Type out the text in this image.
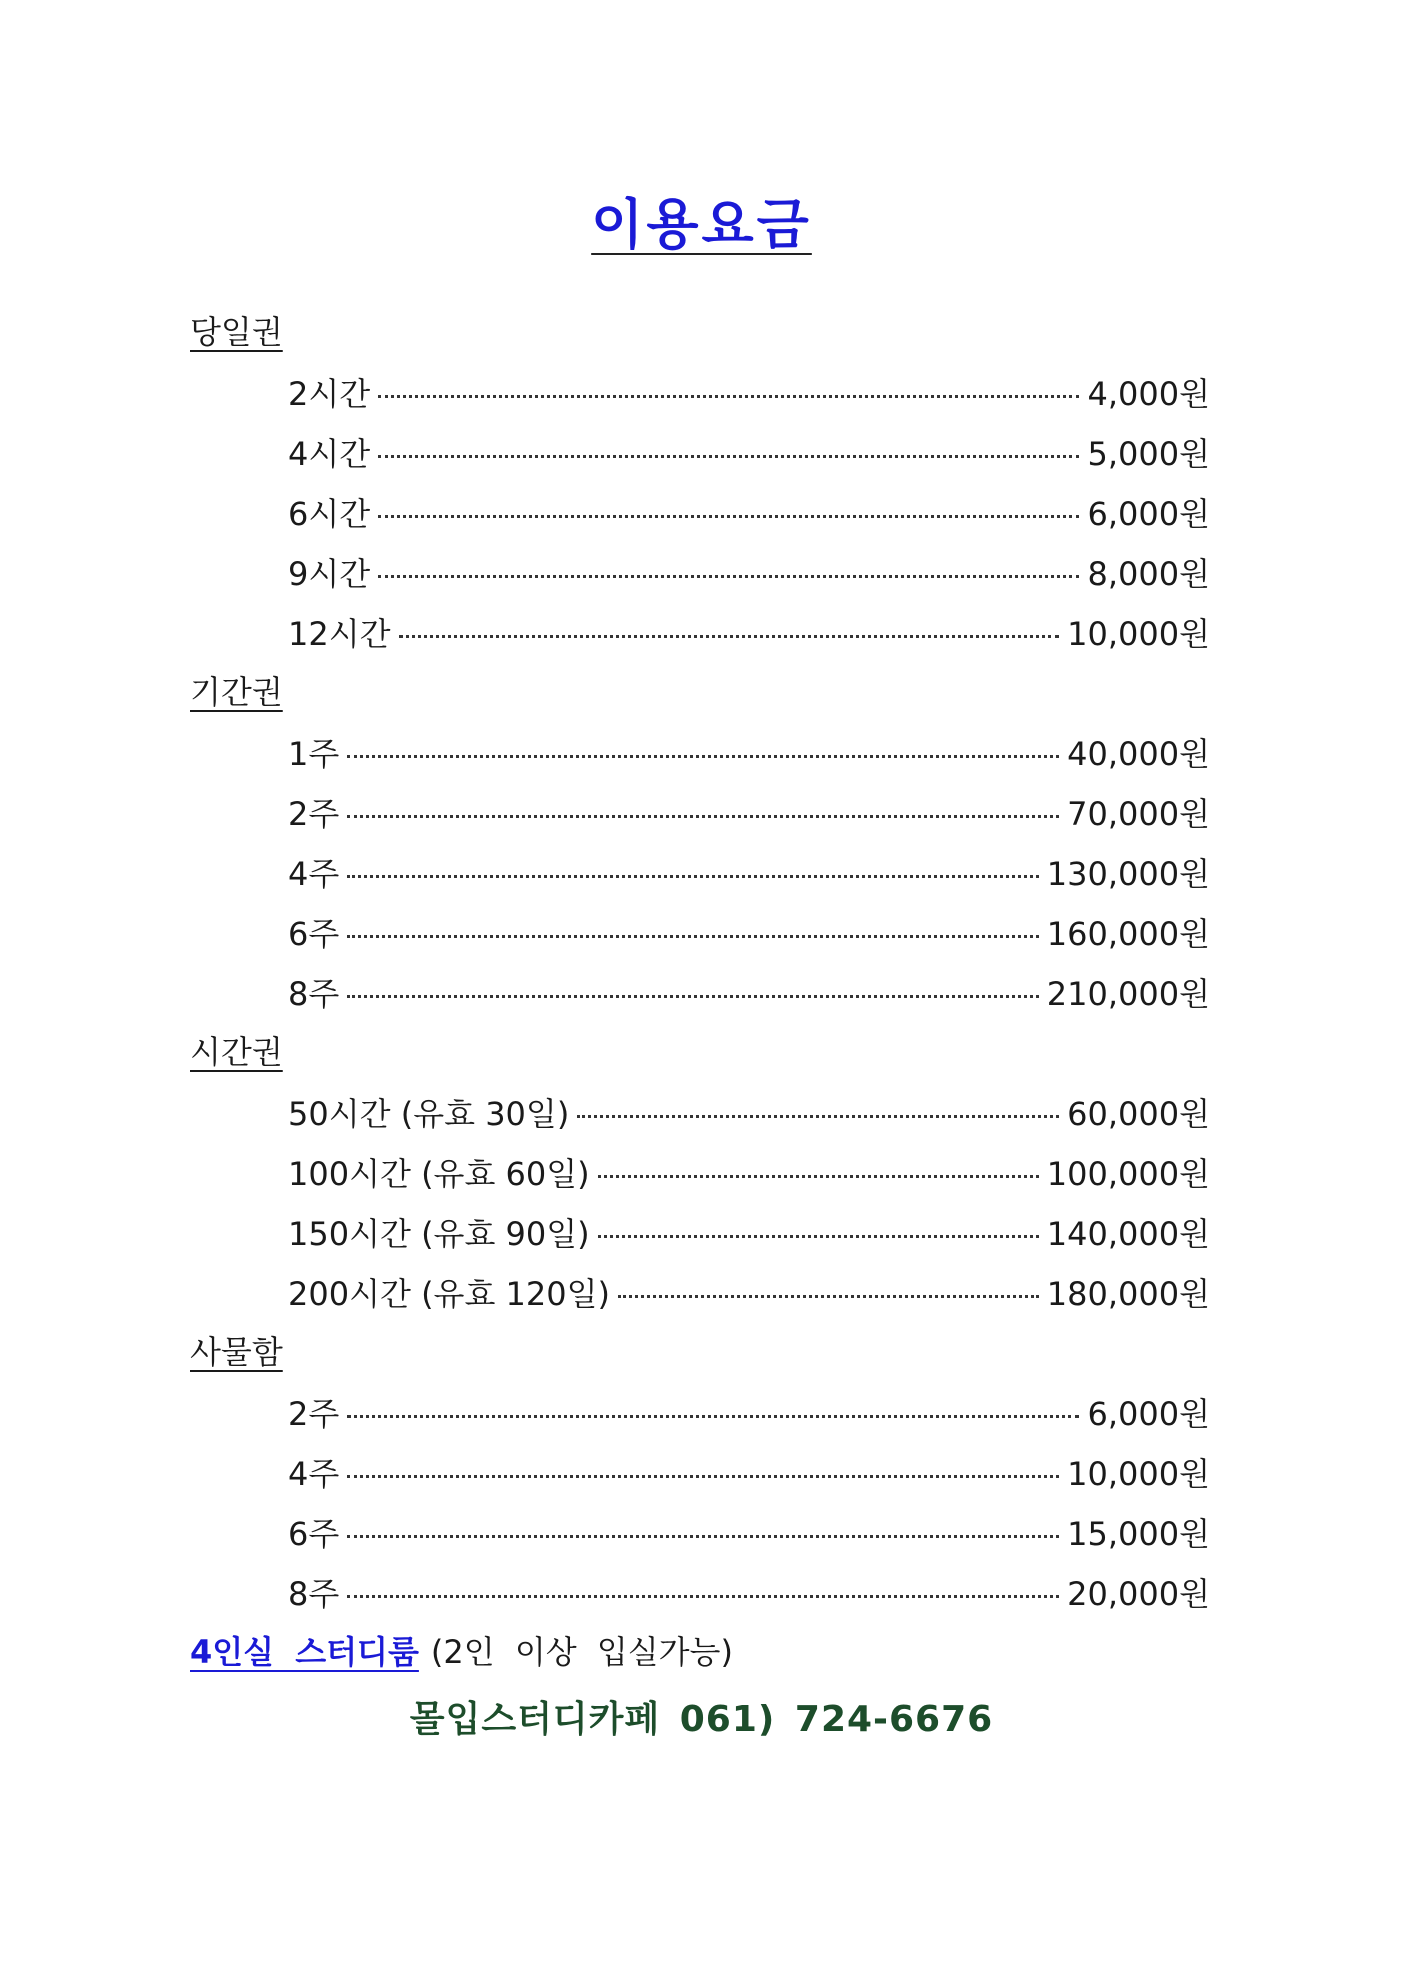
이용요금
당일권
2시간	4,000원
4시간	5,000원
6시간	6,000원
9시간	8,000원
12시간	10,000원
기간권
1주	40,000원
2주	70,000원
4주	130,000원
6주	160,000원
8주	210,000원
시간권
50시간 (유효 30일)	60,000원
100시간 (유효 60일)	100,000원
150시간 (유효 90일)	140,000원
200시간 (유효 120일)	180,000원
사물함
2주	6,000원
4주	10,000원
6주	15,000원
8주	20,000원
4인실 스터디룸 (2인 이상 입실가능)
몰입스터디카페 061) 724-6676
